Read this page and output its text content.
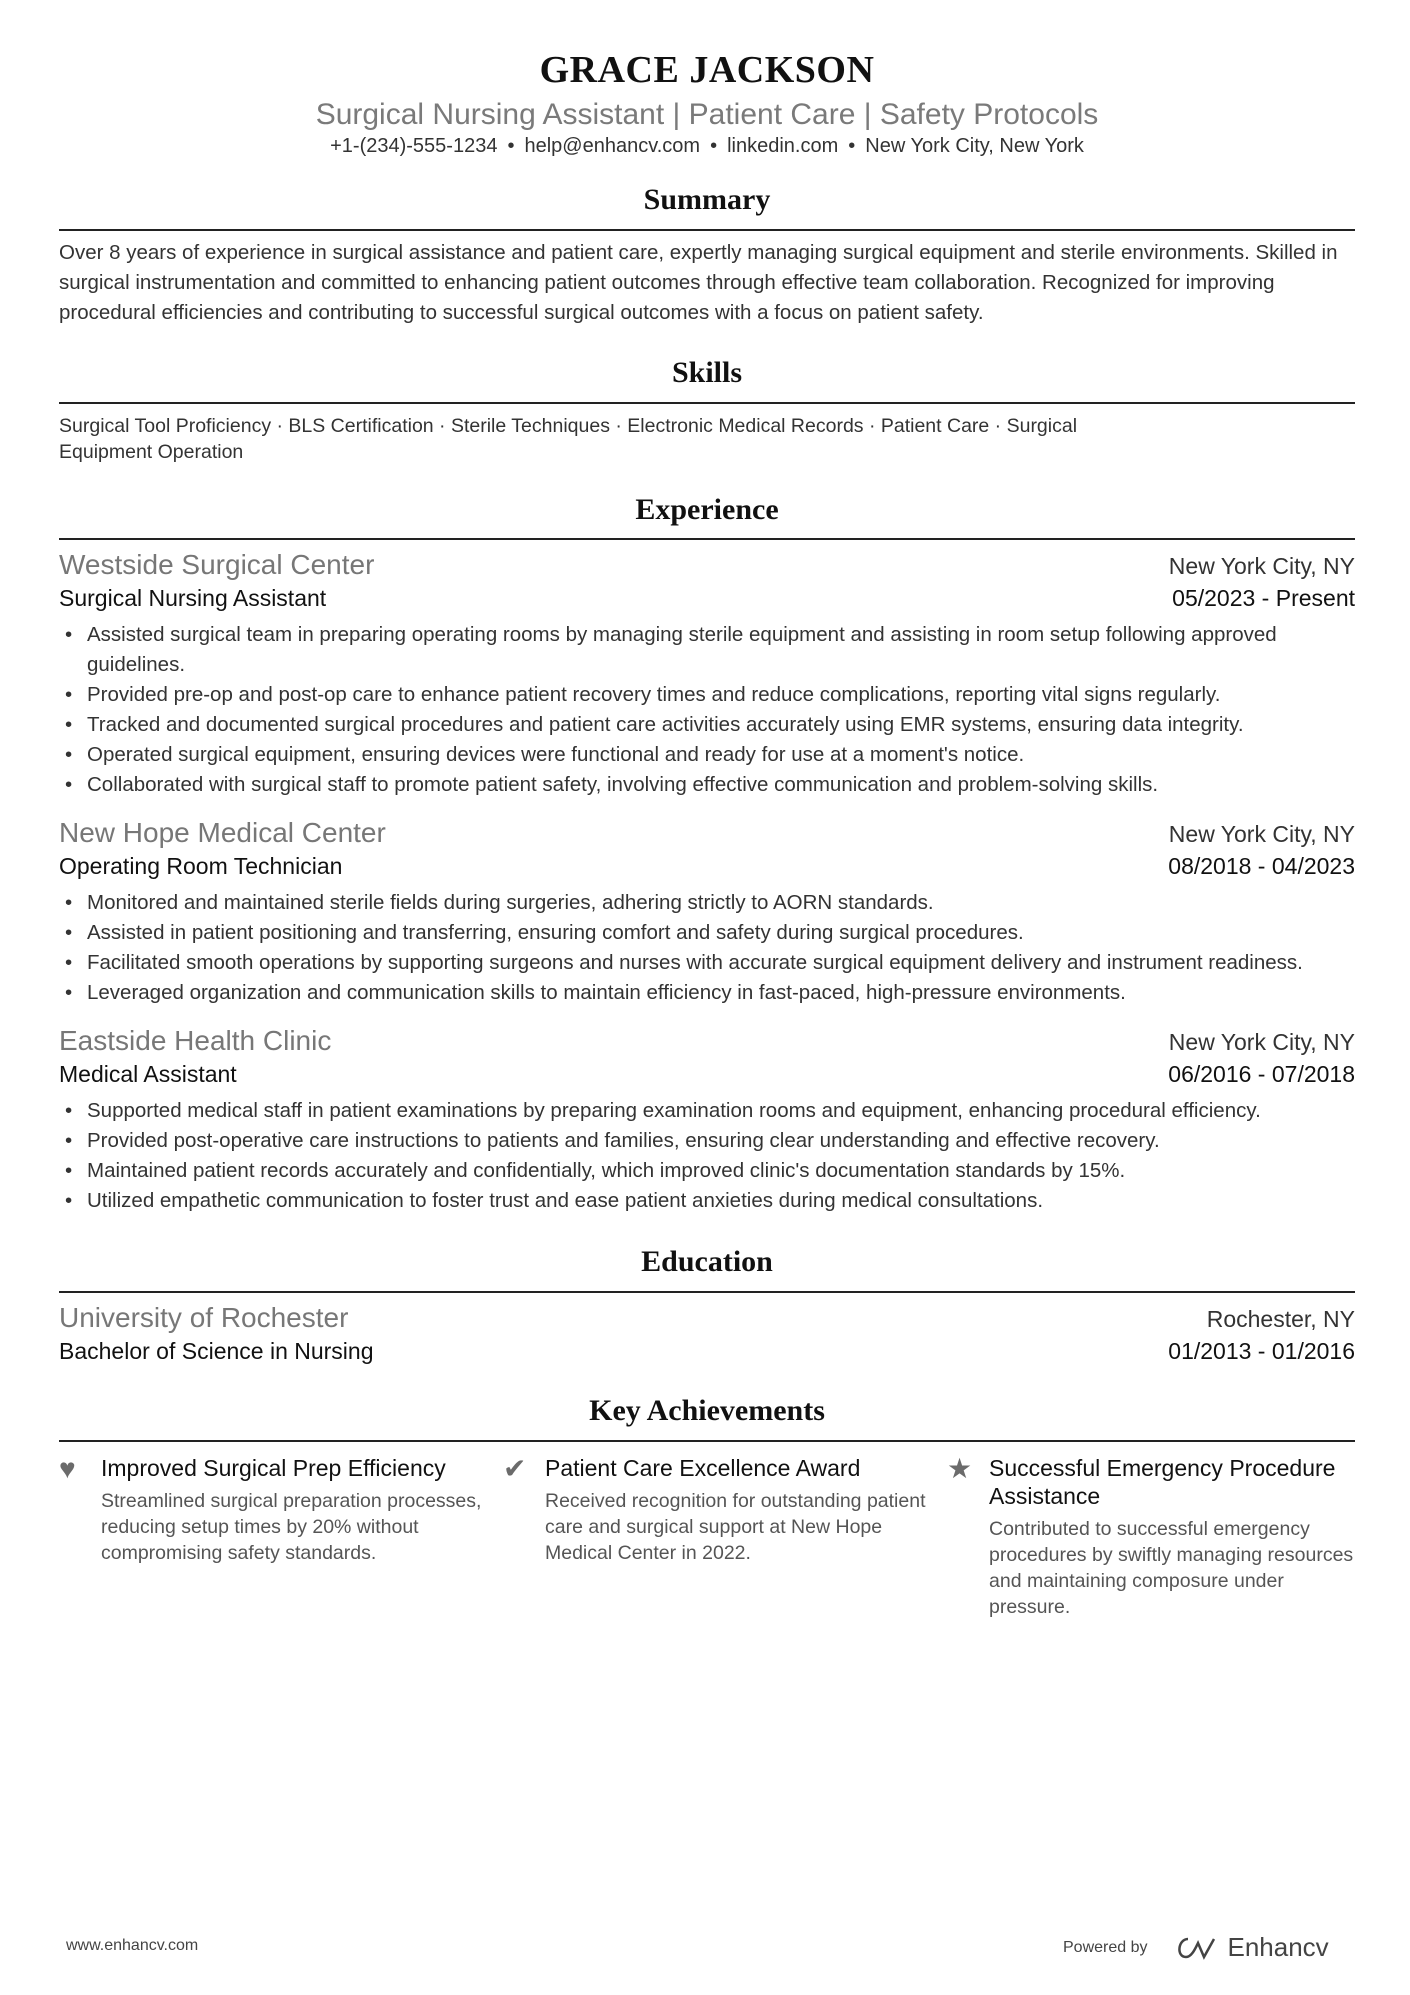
GRACE JACKSON
Surgical Nursing Assistant | Patient Care | Safety Protocols
+1-(234)-555-1234 • help@enhancv.com • linkedin.com • New York City, New York
Summary
Over 8 years of experience in surgical assistance and patient care, expertly managing surgical equipment and sterile environments. Skilled in surgical instrumentation and committed to enhancing patient outcomes through effective team collaboration. Recognized for improving procedural efficiencies and contributing to successful surgical outcomes with a focus on patient safety.
Skills
Surgical Tool Proficiency · BLS Certification · Sterile Techniques · Electronic Medical Records · Patient Care · Surgical Equipment Operation
Experience
Westside Surgical Center	New York City, NY
Surgical Nursing Assistant	05/2023 - Present
• Assisted surgical team in preparing operating rooms by managing sterile equipment and assisting in room setup following approved guidelines.
• Provided pre-op and post-op care to enhance patient recovery times and reduce complications, reporting vital signs regularly.
• Tracked and documented surgical procedures and patient care activities accurately using EMR systems, ensuring data integrity.
• Operated surgical equipment, ensuring devices were functional and ready for use at a moment's notice.
• Collaborated with surgical staff to promote patient safety, involving effective communication and problem-solving skills.
New Hope Medical Center	New York City, NY
Operating Room Technician	08/2018 - 04/2023
• Monitored and maintained sterile fields during surgeries, adhering strictly to AORN standards.
• Assisted in patient positioning and transferring, ensuring comfort and safety during surgical procedures.
• Facilitated smooth operations by supporting surgeons and nurses with accurate surgical equipment delivery and instrument readiness.
• Leveraged organization and communication skills to maintain efficiency in fast-paced, high-pressure environments.
Eastside Health Clinic	New York City, NY
Medical Assistant	06/2016 - 07/2018
• Supported medical staff in patient examinations by preparing examination rooms and equipment, enhancing procedural efficiency.
• Provided post-operative care instructions to patients and families, ensuring clear understanding and effective recovery.
• Maintained patient records accurately and confidentially, which improved clinic's documentation standards by 15%.
• Utilized empathetic communication to foster trust and ease patient anxieties during medical consultations.
Education
University of Rochester	Rochester, NY
Bachelor of Science in Nursing	01/2013 - 01/2016
Key Achievements
♥	Improved Surgical Prep Efficiency
Streamlined surgical preparation processes, reducing setup times by 20% without compromising safety standards.
✔ Patient Care Excellence Award
Received recognition for outstanding patient care and surgical support at New Hope Medical Center in 2022.
★ Successful Emergency Procedure Assistance
Contributed to successful emergency procedures by swiftly managing resources and maintaining composure under pressure.
www.enhancv.com	Powered by	Enhancv
